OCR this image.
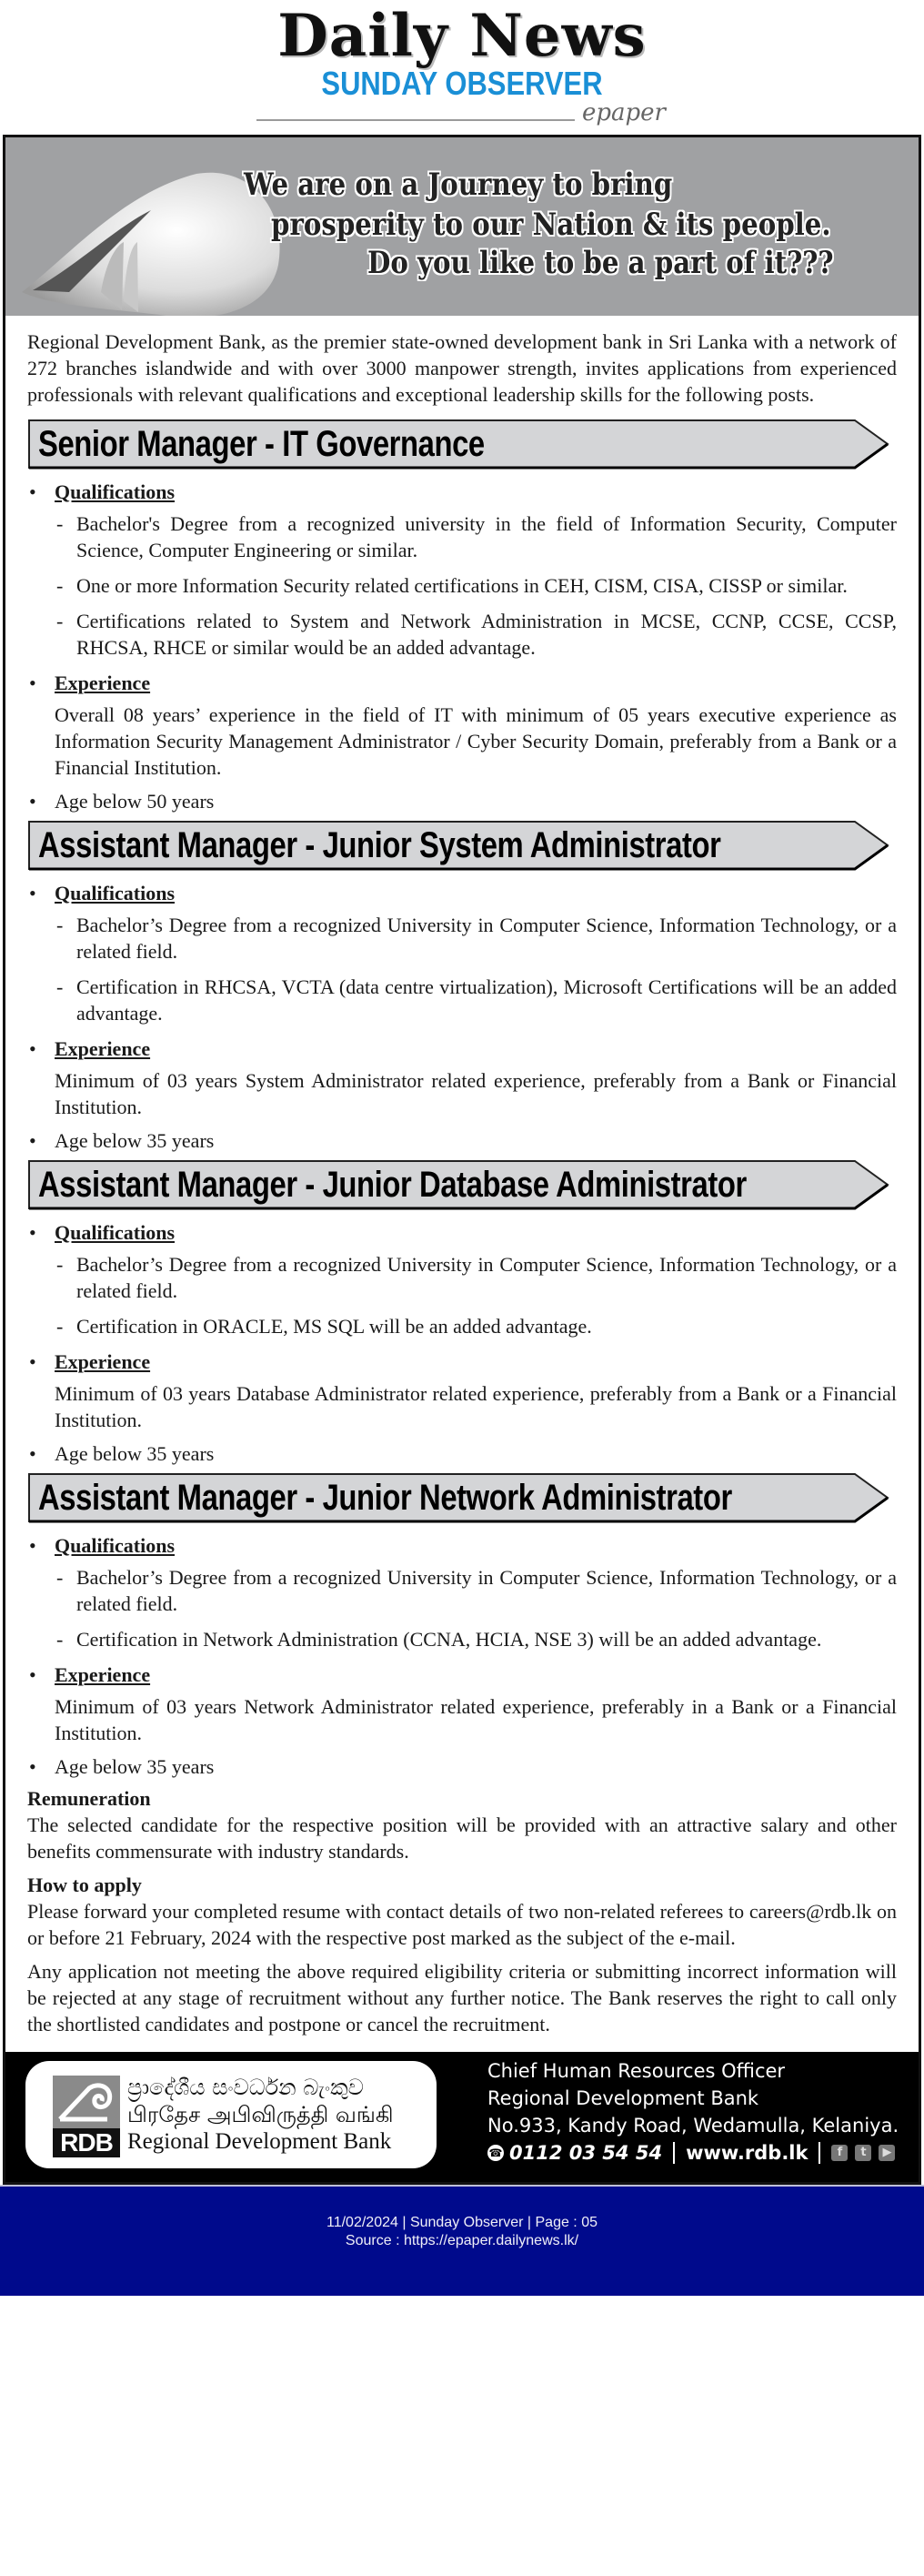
Daily News
SUNDAY OBSERVER
epaper
We are on a Journey to bring
prosperity to our Nation & its people.
Do you like to be a part of it???

Regional Development Bank, as the premier state-owned development bank in Sri Lanka with a network of 272 branches islandwide and with over 3000 manpower strength, invites applications from experienced professionals with relevant qualifications and exceptional leadership skills for the following posts.

Senior Manager - IT Governance
• Qualifications
- Bachelor's Degree from a recognized university in the field of Information Security, Computer Science, Computer Engineering or similar.
- One or more Information Security related certifications in CEH, CISM, CISA, CISSP or similar.
- Certifications related to System and Network Administration in MCSE, CCNP, CCSE, CCSP, RHCSA, RHCE or similar would be an added advantage.
• Experience

Overall 08 years’ experience in the field of IT with minimum of 05 years executive experience as Information Security Management Administrator / Cyber Security Domain, preferably from a Bank or a Financial Institution.

• Age below 50 years
Assistant Manager - Junior System Administrator
• Qualifications
- Bachelor’s Degree from a recognized University in Computer Science, Information Technology, or a related field.
- Certification in RHCSA, VCTA (data centre virtualization), Microsoft Certifications will be an added advantage.
• Experience

Minimum of 03 years System Administrator related experience, preferably from a Bank or Financial Institution.

• Age below 35 years
Assistant Manager - Junior Database Administrator
• Qualifications
- Bachelor’s Degree from a recognized University in Computer Science, Information Technology, or a related field.
- Certification in ORACLE, MS SQL will be an added advantage.
• Experience

Minimum of 03 years Database Administrator related experience, preferably from a Bank or a Financial Institution.

• Age below 35 years
Assistant Manager - Junior Network Administrator
• Qualifications
- Bachelor’s Degree from a recognized University in Computer Science, Information Technology, or a related field.
- Certification in Network Administration (CCNA, HCIA, NSE 3) will be an added advantage.
• Experience

Minimum of 03 years Network Administrator related experience, preferably in a Bank or a Financial Institution.

• Age below 35 years
Remuneration

The selected candidate for the respective position will be provided with an attractive salary and other benefits commensurate with industry standards.

How to apply

Please forward your completed resume with contact details of two non-related referees to careers@rdb.lk on or before 21 February, 2024 with the respective post marked as the subject of the e-mail.

Any application not meeting the above required eligibility criteria or submitting incorrect information will be rejected at any stage of recruitment without any further notice. The Bank reserves the right to call only the shortlisted candidates and postpone or cancel the recruitment.

RDB
ප්‍රාදේශීය සංවර්ධන බැංකුව
பிரதேச அபிவிருத்தி வங்கி
Regional Development Bank
Chief Human Resources Officer
Regional Development Bank
No.933, Kandy Road, Wedamulla, Kelaniya.
☎ 0112 03 54 54 www.rdb.lk	f	t	▶
11/02/2024 | Sunday Observer | Page : 05
Source : https://epaper.dailynews.lk/
